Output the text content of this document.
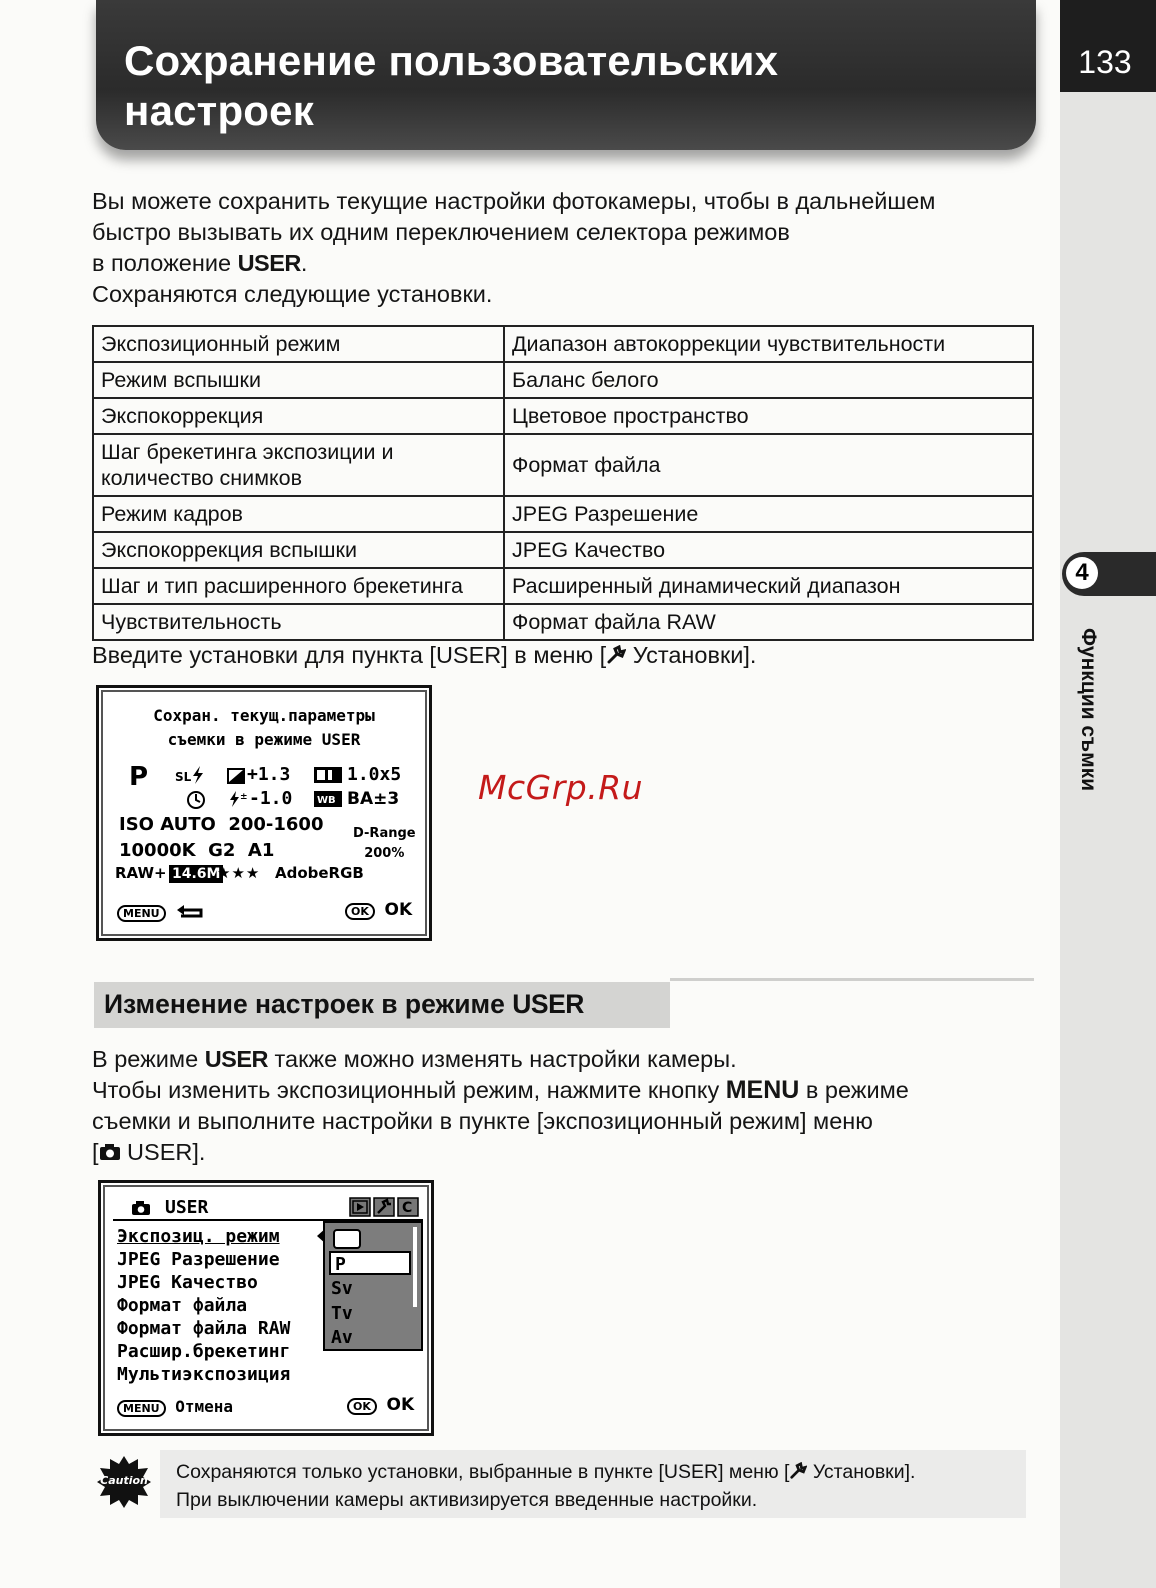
Сохранение пользовательских
настроек
133
4
Функции съмки
Вы можете сохранить текущие настройки фотокамеры, чтобы в дальнейшем
быстро вызывать их одним переключением селектора режимов
в положение USER.
Сохраняются следующие установки.
Экспозиционный режим	Диапазон автокоррекции чувствительности
Режим вспышки	Баланс белого
Экспокоррекция	Цветовое пространство
Шаг брекетинга экспозиции и количество снимков	Формат файла
Режим кадров	JPEG Разрешение
Экспокоррекция вспышки	JPEG Качество
Шаг и тип расширенного брекетинга	Расширенный динамический диапазон
Чувствительность	Формат файла RAW
Введите установки для пункта [USER] в меню [ Установки].
Сохран. текущ.параметры
съемки в режиме USER
P SL	+1.3	1.0x5
± -1.0 WB BA±3
ISO AUTO  200-1600 D-Range
200%
10000K  G2  A1
RAW+ 14.6M
★★★ AdobeRGB
MENU	OK OK
McGrp.Ru
Изменение настроек в режиме USER
В режиме USER также можно изменять настройки камеры.
Чтобы изменить экспозиционный режим, нажмите кнопку MENU в режиме
съемки и выполните настройки в пункте [экспозиционный режим] меню
[ USER].
USER	C
Экспозиц. режим
JPEG Разрешение
JPEG Качество
Формат файла
Формат файла RAW
Расшир.брекетинг
Мультиэкспозиция
P
Sv
Tv
Av
MENU Отмена	OK OK
Caution Сохраняются только установки, выбранные в пункте [USER] меню [ Установки].
При выключении камеры активизируется введенные настройки.
